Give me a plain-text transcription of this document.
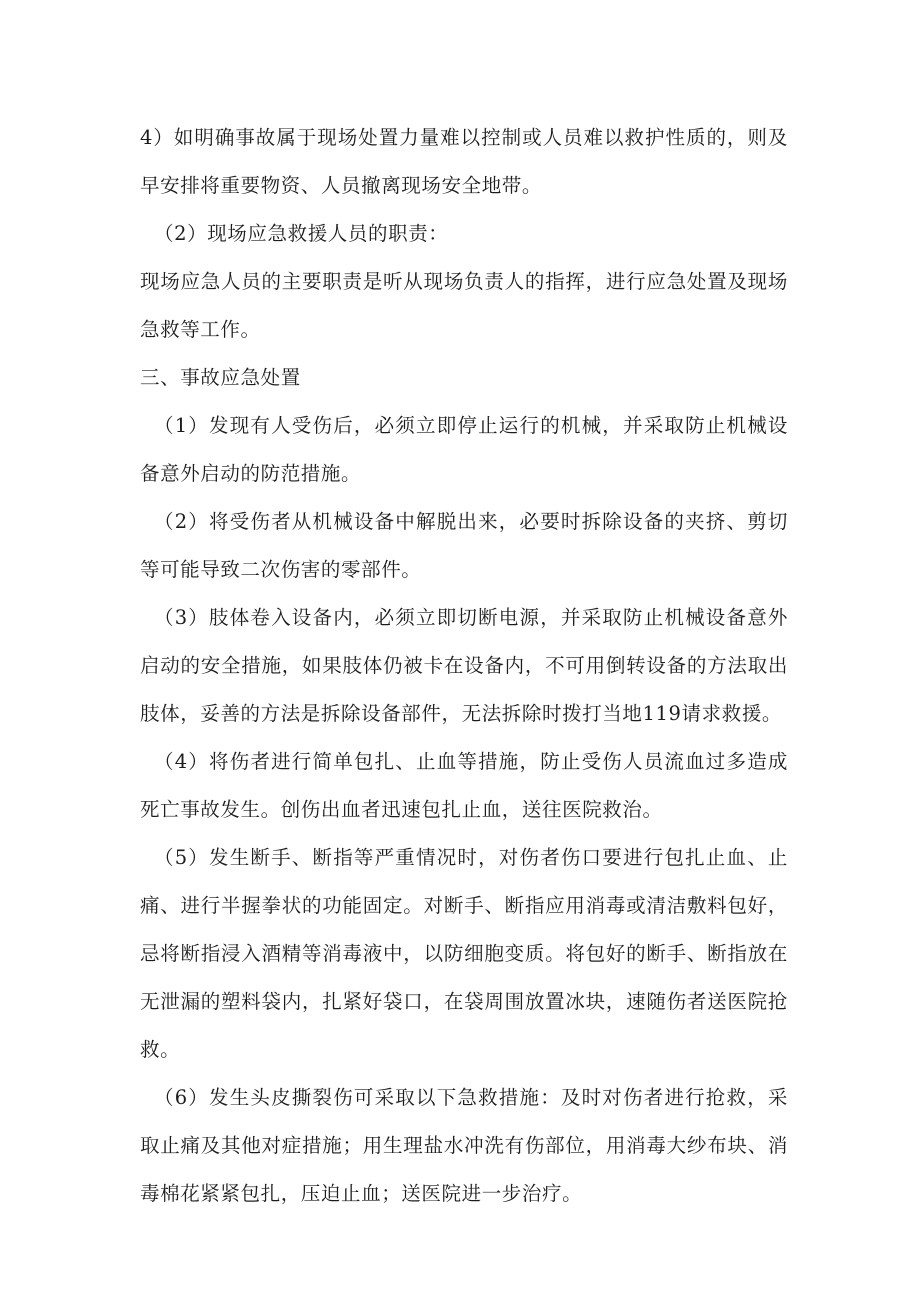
4）如明确事故属于现场处置力量难以控制或人员难以救护性质的，则及早安排将重要物资、人员撤离现场安全地带。

（2）现场应急救援人员的职责：

现场应急人员的主要职责是听从现场负责人的指挥，进行应急处置及现场急救等工作。

三、事故应急处置

（1）发现有人受伤后，必须立即停止运行的机械，并采取防止机械设备意外启动的防范措施。

（2）将受伤者从机械设备中解脱出来，必要时拆除设备的夹挤、剪切等可能导致二次伤害的零部件。

（3）肢体卷入设备内，必须立即切断电源，并采取防止机械设备意外启动的安全措施，如果肢体仍被卡在设备内，不可用倒转设备的方法取出肢体，妥善的方法是拆除设备部件，无法拆除时拨打当地119请求救援。

（4）将伤者进行简单包扎、止血等措施，防止受伤人员流血过多造成死亡事故发生。创伤出血者迅速包扎止血，送往医院救治。

（5）发生断手、断指等严重情况时，对伤者伤口要进行包扎止血、止痛、进行半握拳状的功能固定。对断手、断指应用消毒或清洁敷料包好，忌将断指浸入酒精等消毒液中，以防细胞变质。将包好的断手、断指放在无泄漏的塑料袋内，扎紧好袋口，在袋周围放置冰块，速随伤者送医院抢救。

（6）发生头皮撕裂伤可采取以下急救措施：及时对伤者进行抢救，采取止痛及其他对症措施；用生理盐水冲洗有伤部位，用消毒大纱布块、消毒棉花紧紧包扎，压迫止血；送医院进一步治疗。
